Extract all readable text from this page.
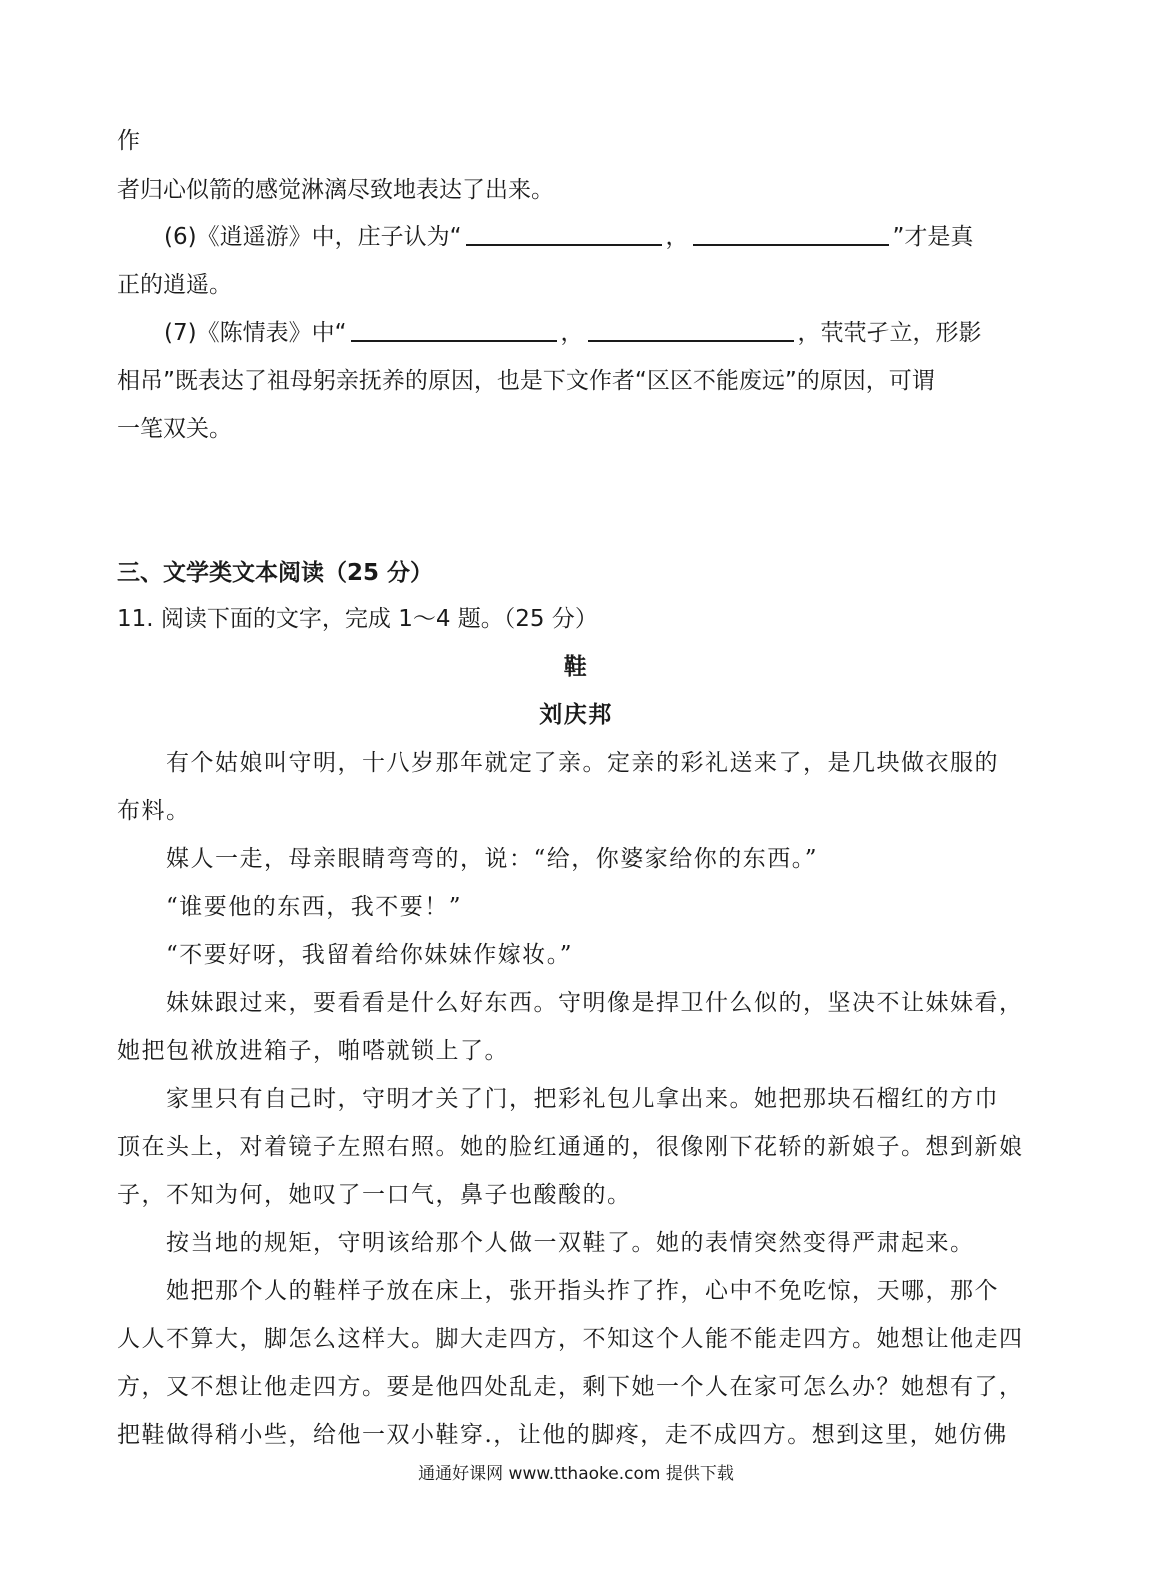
作
者归心似箭的感觉淋漓尽致地表达了出来。
(6)《逍遥游》中，庄子认为“	，	”才是真
正的逍遥。
(7)《陈情表》中“	，	，茕茕孑立，形影
相吊”既表达了祖母躬亲抚养的原因，也是下文作者“区区不能废远”的原因，可谓
一笔双关。
三、文学类文本阅读（25 分）
11. 阅读下面的文字，完成 1～4 题。（25 分）
鞋
刘庆邦
有个姑娘叫守明，十八岁那年就定了亲。定亲的彩礼送来了，是几块做衣服的
布料。
媒人一走，母亲眼睛弯弯的，说：“给，你婆家给你的东西。”
“谁要他的东西，我不要！”
“不要好呀，我留着给你妹妹作嫁妆。”
妹妹跟过来，要看看是什么好东西。守明像是捍卫什么似的，坚决不让妹妹看，
她把包袱放进箱子，啪嗒就锁上了。
家里只有自己时，守明才关了门，把彩礼包儿拿出来。她把那块石榴红的方巾
顶在头上，对着镜子左照右照。她的脸红通通的，很像刚下花轿的新娘子。想到新娘
子，不知为何，她叹了一口气，鼻子也酸酸的。
按当地的规矩，守明该给那个人做一双鞋了。她的表情突然变得严肃起来。
她把那个人的鞋样子放在床上，张开指头拃了拃，心中不免吃惊，天哪，那个
人人不算大，脚怎么这样大。脚大走四方，不知这个人能不能走四方。她想让他走四
方，又不想让他走四方。要是他四处乱走，剩下她一个人在家可怎么办？她想有了，
把鞋做得稍小些，给他一双小鞋穿.，让他的脚疼，走不成四方。想到这里，她仿佛
通通好课网 www.tthaoke.com 提供下载
